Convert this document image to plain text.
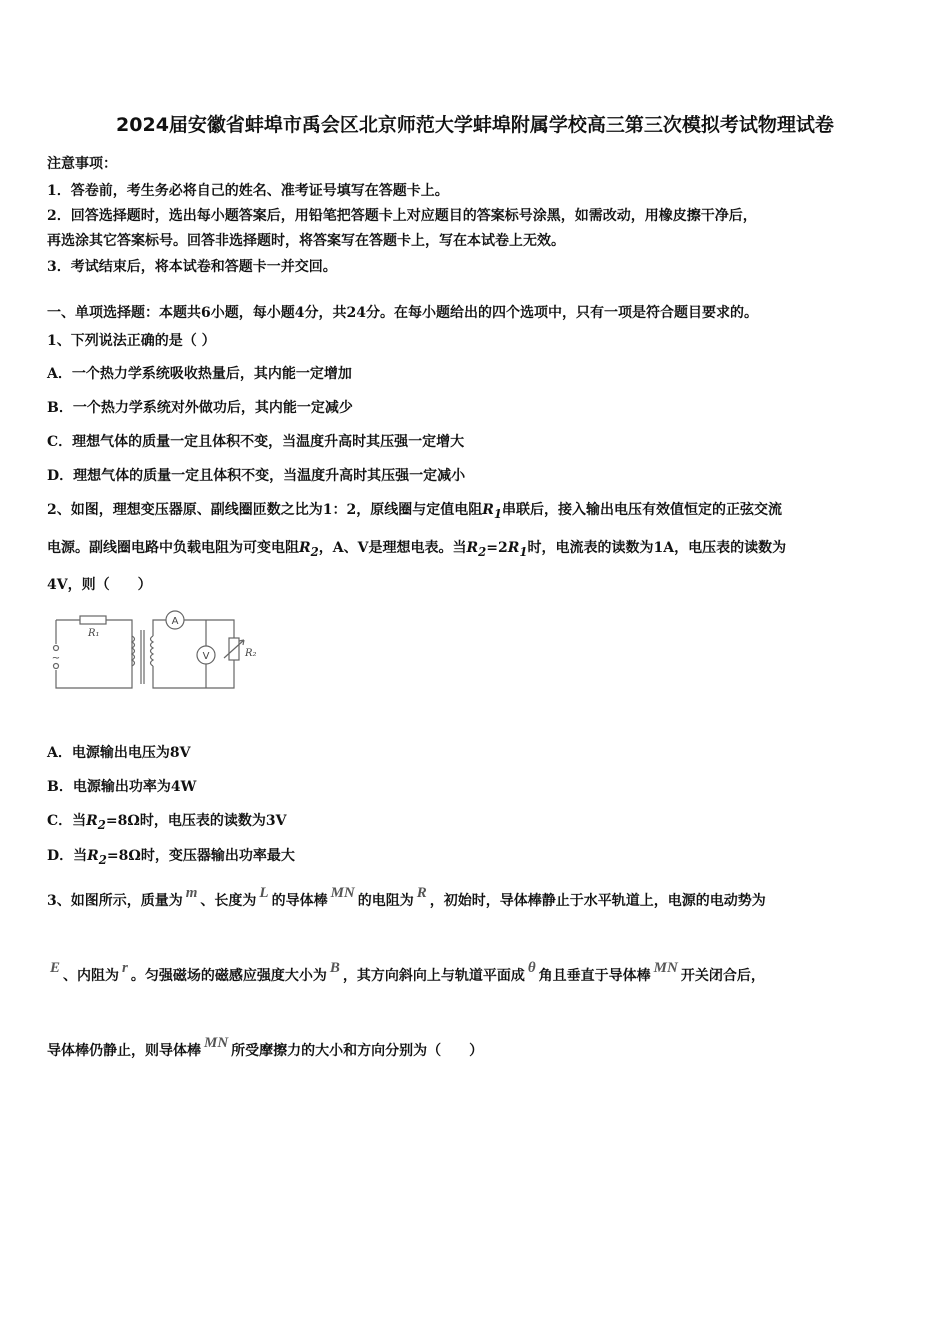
2024届安徽省蚌埠市禹会区北京师范大学蚌埠附属学校高三第三次模拟考试物理试卷
注意事项：
1．答卷前，考生务必将自己的姓名、准考证号填写在答题卡上。
2．回答选择题时，选出每小题答案后，用铅笔把答题卡上对应题目的答案标号涂黑，如需改动，用橡皮擦干净后，
再选涂其它答案标号。回答非选择题时，将答案写在答题卡上，写在本试卷上无效。
3．考试结束后，将本试卷和答题卡一并交回。
一、单项选择题：本题共6小题，每小题4分，共24分。在每小题给出的四个选项中，只有一项是符合题目要求的。
1、下列说法正确的是（ ）
A．一个热力学系统吸收热量后，其内能一定增加
B．一个热力学系统对外做功后，其内能一定减少
C．理想气体的质量一定且体积不变，当温度升高时其压强一定增大
D．理想气体的质量一定且体积不变，当温度升高时其压强一定减小
2、如图，理想变压器原、副线圈匝数之比为1：2，原线圈与定值电阻$R_1$串联后，接入输出电压有效值恒定的正弦交流
电源。副线圈电路中负载电阻为可变电阻$R_2$，A、V是理想电表。当$R_2=2R_1$时，电流表的读数为1A，电压表的读数为
4V，则（　　）
R₁
R₂
A
V
~
A．电源输出电压为8V
B．电源输出功率为4W
C．当$R_2=8\Omega$时，电压表的读数为3V
D．当$R_2=8\Omega$时，变压器输出功率最大
3、如图所示，质量为 m 、长度为 L 的导体棒 MN 的电阻为 R ，初始时，导体棒静止于水平轨道上，电源的电动势为
E 、内阻为 r 。匀强磁场的磁感应强度大小为 B ，其方向斜向上与轨道平面成 θ 角且垂直于导体棒 MN 开关闭合后，
导体棒仍静止，则导体棒 MN 所受摩擦力的大小和方向分别为（　　）
